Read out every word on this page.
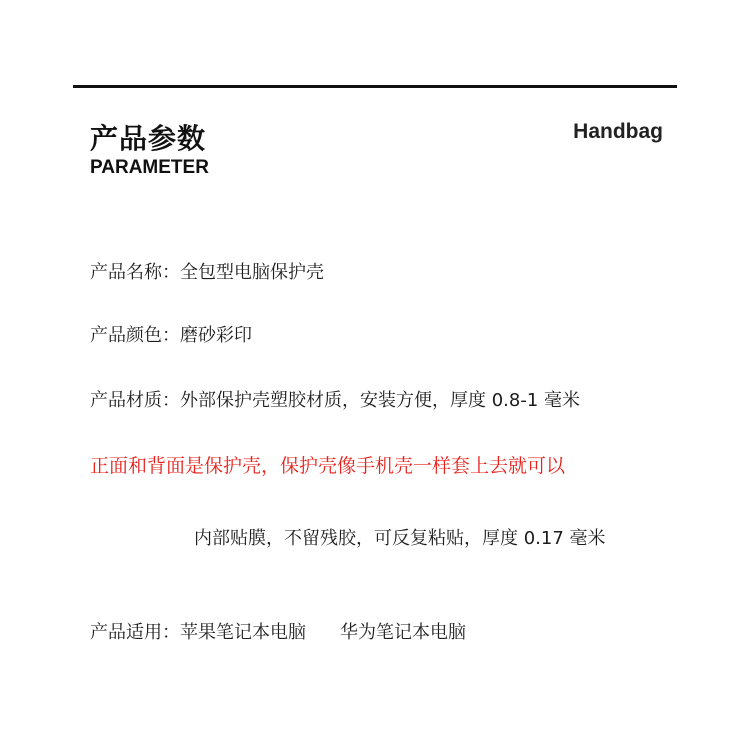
产品参数
PARAMETER
Handbag
产品名称：全包型电脑保护壳
产品颜色：磨砂彩印
产品材质：外部保护壳塑胶材质，安装方便，厚度 0.8-1 毫米
正面和背面是保护壳，保护壳像手机壳一样套上去就可以
内部贴膜，不留残胶，可反复粘贴，厚度 0.17 毫米
产品适用：苹果笔记本电脑 华为笔记本电脑
